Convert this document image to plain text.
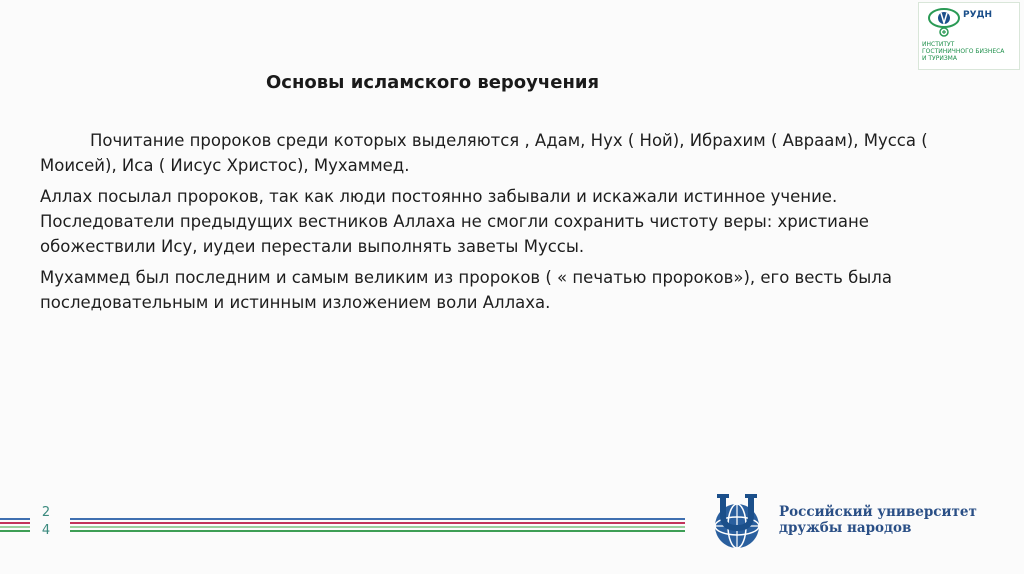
РУДН
ИНСТИТУТ
ГОСТИНИЧНОГО БИЗНЕСА
И ТУРИЗМА
Основы исламского вероучения

Почитание пророков среди которых выделяются , Адам, Нух ( Ной), Ибрахим ( Авраам), Мусса ( Моисей), Иса ( Иисус Христос), Мухаммед.

Аллах посылал пророков, так как люди постоянно забывали и искажали истинное учение. Последователи предыдущих вестников Аллаха не смогли сохранить чистоту веры: христиане обожествили Ису, иудеи перестали выполнять заветы Муссы.

Мухаммед был последним и самым великим из пророков ( « печатью пророков»), его весть была последовательным и истинным изложением воли Аллаха.

2
4
Российский университет
дружбы народов
